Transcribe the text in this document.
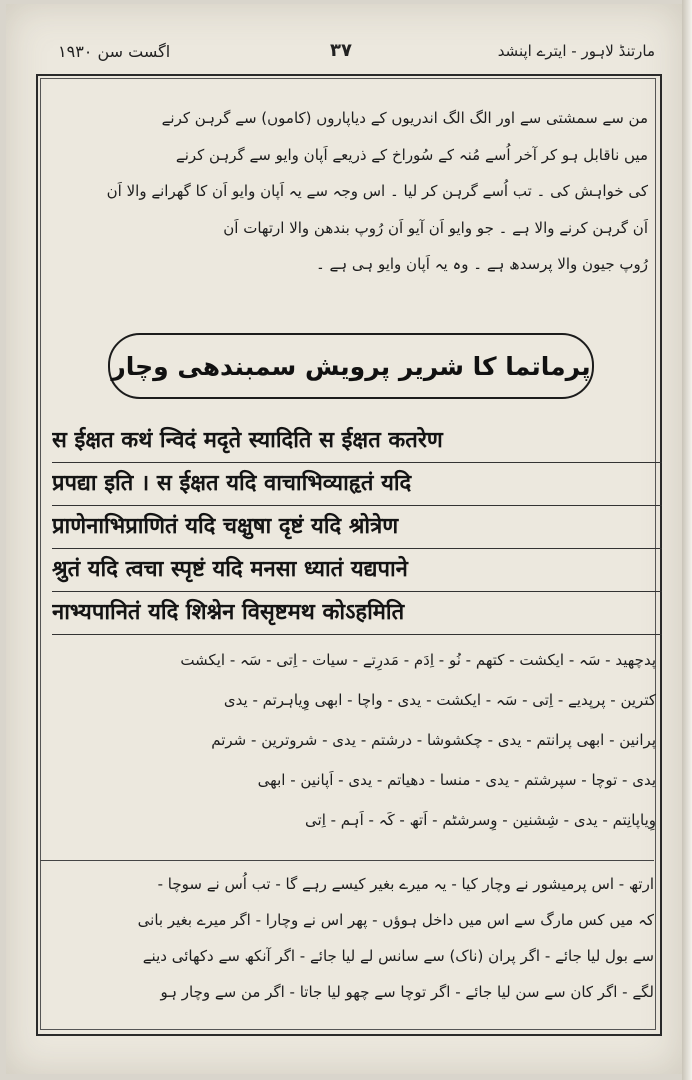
اگست سن ۱۹۳۰	۳۷	مارتنڈ لاہور - ایترے اپنشد

من سے سمشتی سے اور الگ الگ اندریوں کے دیاپاروں (کاموں) سے گرہن کرنے

میں ناقابل ہو کر آخر اُسے مُنہ کے سُوراخ کے ذریعے اَپان وایو سے گرہن کرنے

کی خواہش کی ۔ تب اُسے گرہن کر لیا ۔ اس وجہ سے یہ اَپان وایو اَن کا گھرانے والا اَن

اَن گرہن کرنے والا ہے ۔ جو وایو اَن آیو اَن رُوپ بندھن والا ارتھات اَن

رُوپ جیون والا پرسدھ ہے ۔ وہ یہ اَپان وایو ہی ہے ۔

پرماتما کا شریر پرویش سمبندھی وچار

स ईक्षत कथं न्विदं मदृते स्यादिति स ईक्षत कतरेण

प्रपद्या इति । स ईक्षत यदि वाचाभिव्याहृतं यदि

प्राणेनाभिप्राणितं यदि चक्षुषा दृष्टं यदि श्रोत्रेण

श्रुतं यदि त्वचा स्पृष्टं यदि मनसा ध्यातं यद्यपाने

नाभ्यपानितं यदि शिश्नेन विसृष्टमथ कोऽहमिति

پدچھید - سَہ - ایکشت - کتھم - نُو - اِدَم - مَدرِتے - سیات - اِتی - سَہ - ایکشت

کترین - پرپدیے - اِتی - سَہ - ایکشت - یدی - واچا - ابھی وِیاہرتم - یدی

پرانین - ابھی پرانتم - یدی - چکشوشا - درشتم - یدی - شروترین - شرتم

یدی - توچا - سپرشتم - یدی - منسا - دھیاتم - یدی - اَپانین - ابھی

وِیاپانِتم - یدی - شِشنین - وِسرشٹم - اَتھ - کَہ - اَہم - اِتی

ارتھ - اس پرمیشور نے وچار کیا - یہ میرے بغیر کیسے رہے گا - تب اُس نے سوچا -

کہ میں کس مارگ سے اس میں داخل ہوؤں - پھر اس نے وچارا - اگر میرے بغیر بانی

سے بول لیا جائے - اگر پران (ناک) سے سانس لے لیا جائے - اگر آنکھ سے دکھائی دینے

لگے - اگر کان سے سن لیا جائے - اگر توچا سے چھو لیا جاتا - اگر من سے وچار ہو
